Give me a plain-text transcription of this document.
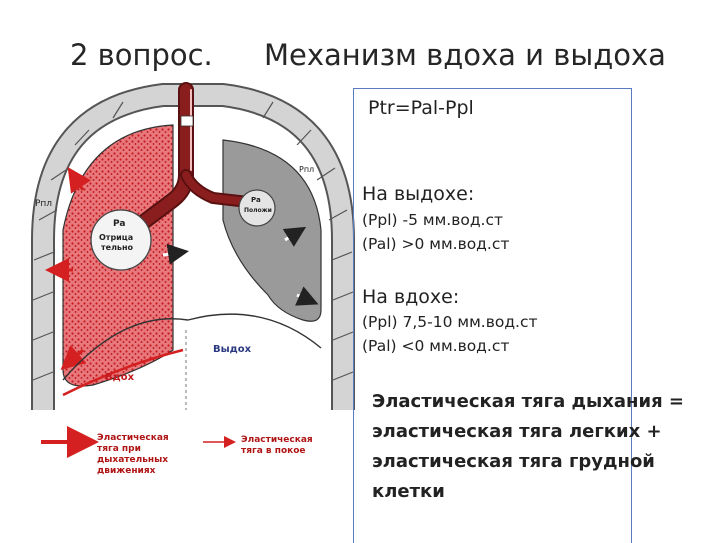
2 вопрос. Механизм вдоха и выдоха
Pa
Отрица
тельно
Pa
Положи
Pпл
Pпл
Выдох
Вдох
Эластическая
тяга при
дыхательных
движениях
Эластическая
тяга в покое
Ptr=Pal-Ppl
На выдохе:
(Ppl) -5 мм.вод.ст
(Pal) >0 мм.вод.ст
На вдохе:
(Ppl) 7,5-10 мм.вод.ст
(Pal) <0 мм.вод.ст
Эластическая тяга дыхания =
эластическая тяга легких +
эластическая тяга грудной
клетки
